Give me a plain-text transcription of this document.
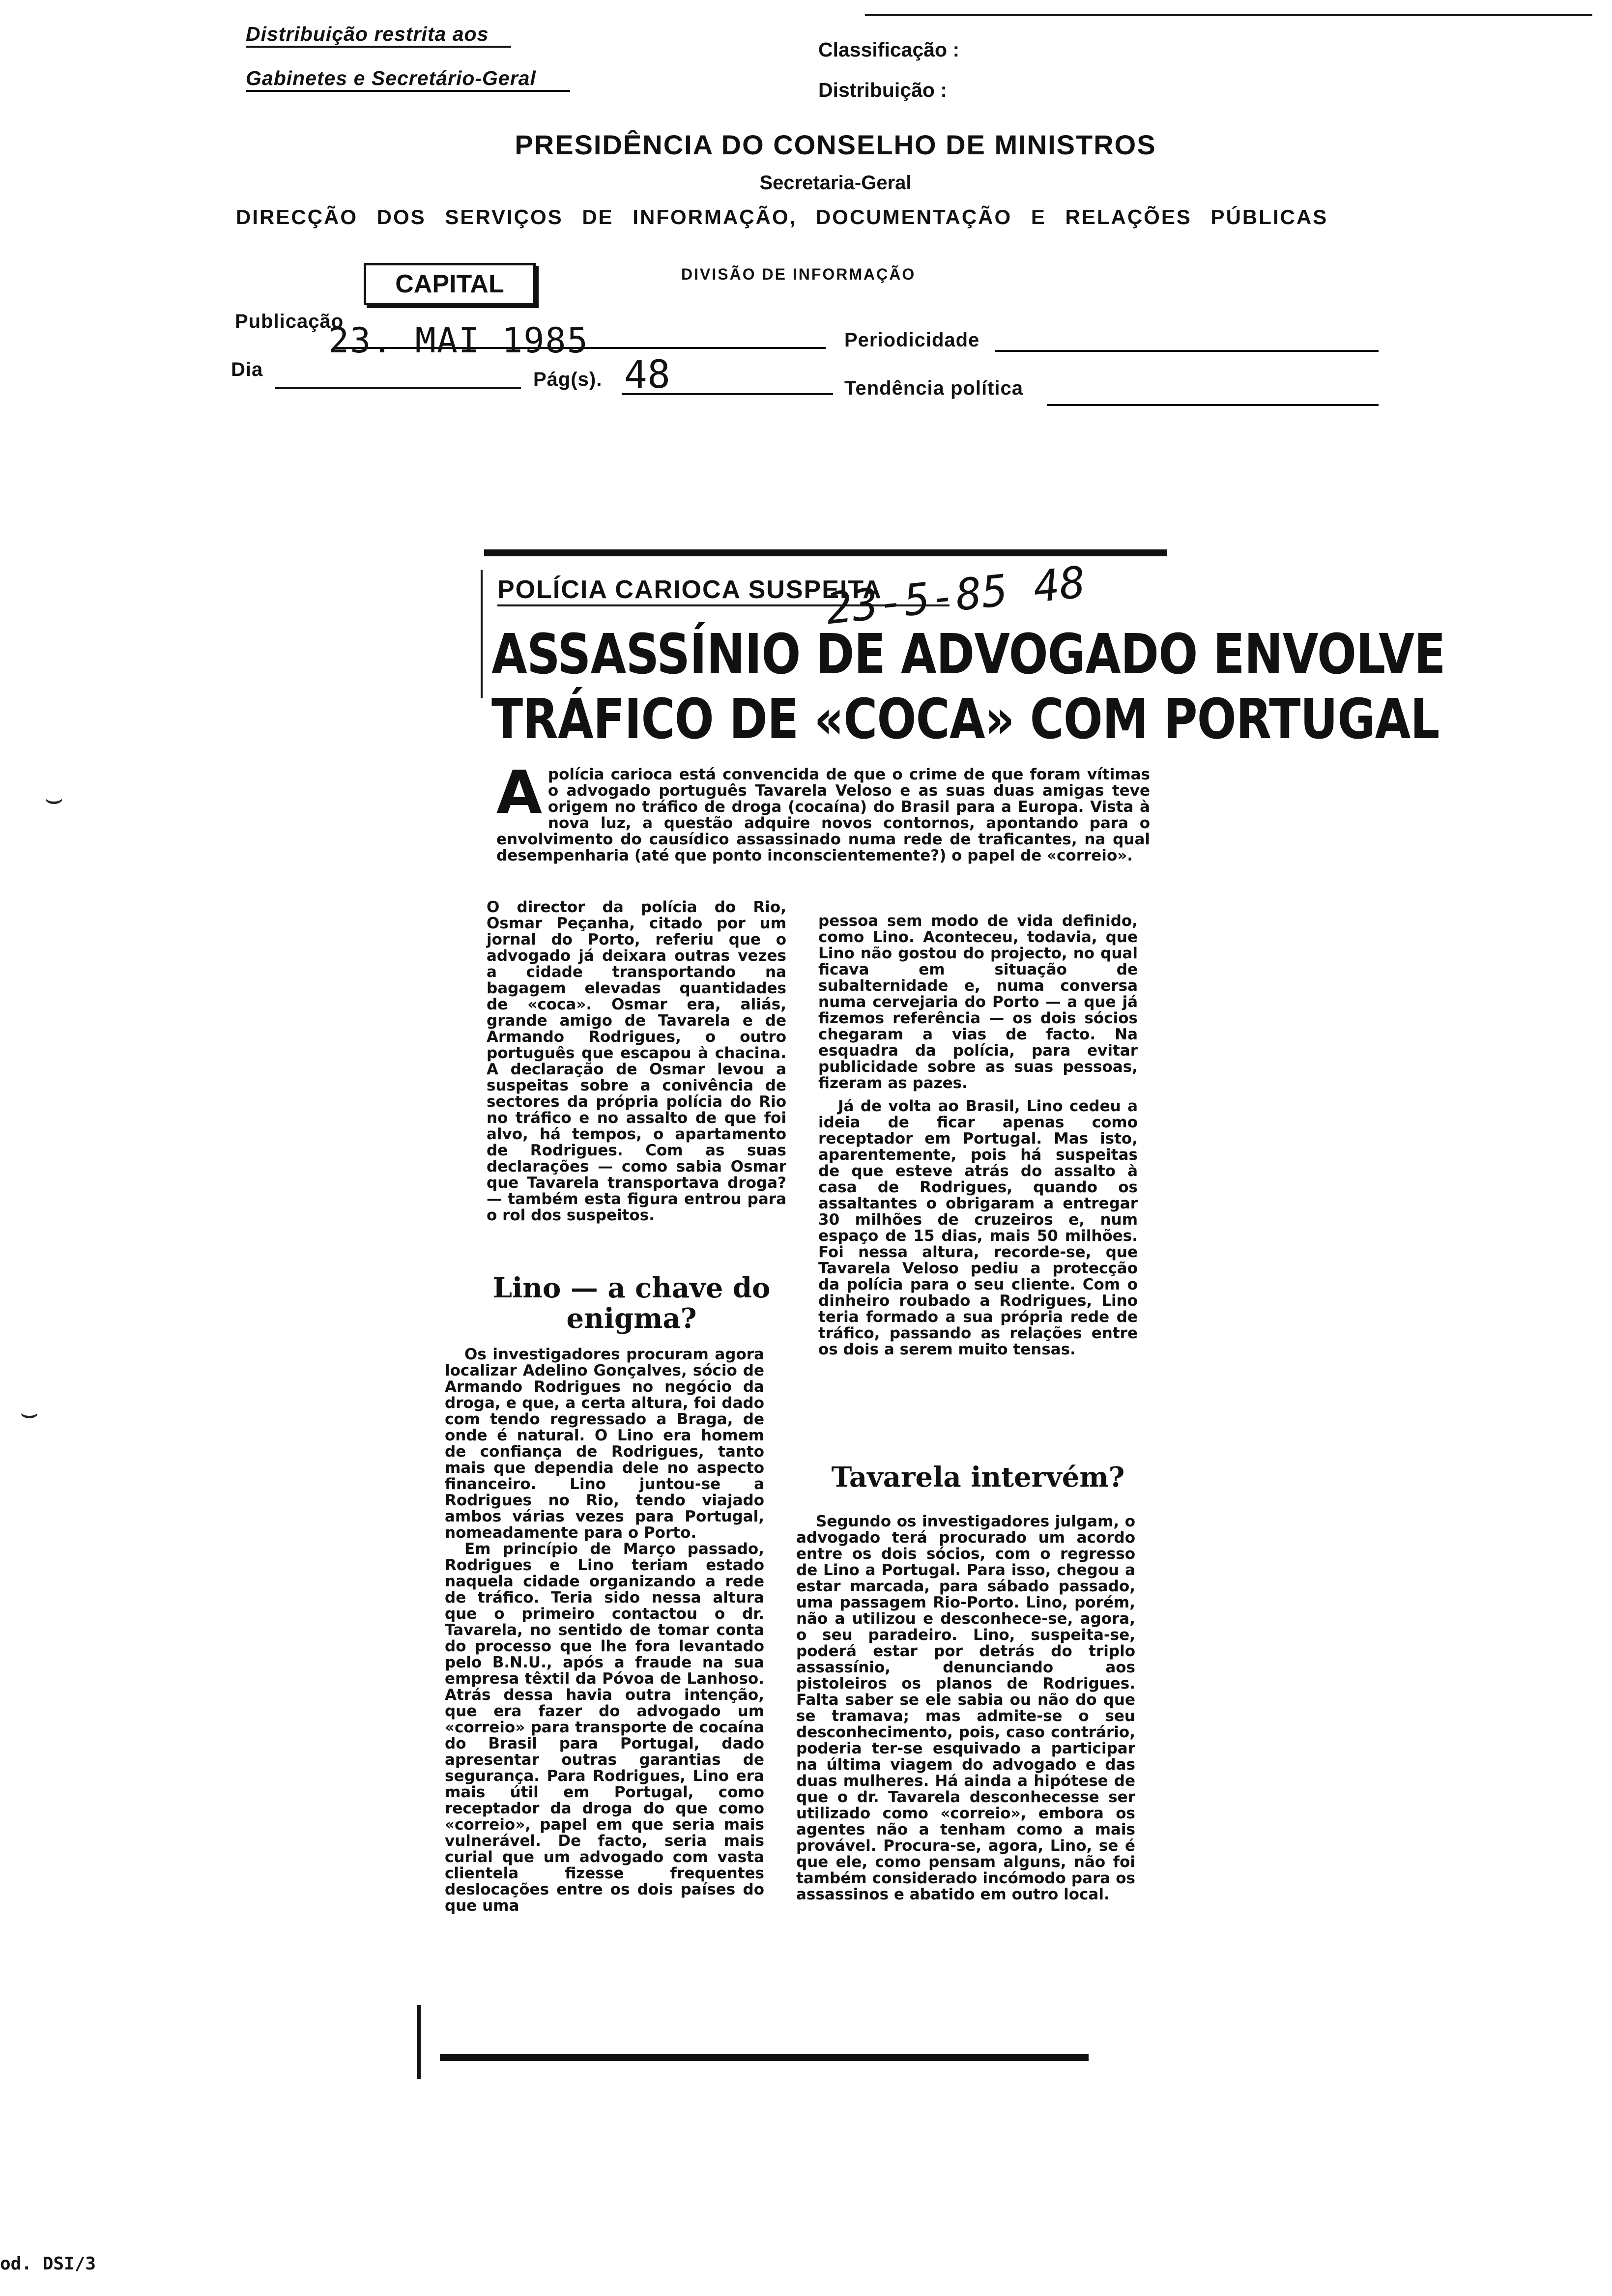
Distribuição restrita aos
Gabinetes e Secretário-Geral
Classificação :
Distribuição :
PRESIDÊNCIA DO CONSELHO DE MINISTROS
Secretaria-Geral
DIRECÇÃO DOS SERVIÇOS DE INFORMAÇÃO, DOCUMENTAÇÃO E RELAÇÕES PÚBLICAS
CAPITAL	DIVISÃO DE INFORMAÇÃO
Publicação
23. MAI 1985	Periodicidade
Dia	Pág(s). 48	Tendência política
POLÍCIA CARIOCA SUSPEITA
23-5-85 48
ASSASSÍNIO DE ADVOGADO ENVOLVE
TRÁFICO DE «COCA» COM PORTUGAL

Apolícia carioca está convencida de que o crime de que foram vítimas o advogado português Tavarela Veloso e as suas duas amigas teve origem no tráfico de droga (cocaína) do Brasil para a Europa. Vista à nova luz, a questão adquire novos contornos, apontando para o envolvimento do causídico assassinado numa rede de traficantes, na qual desempenharia (até que ponto inconscientemente?) o papel de «correio».

O director da polícia do Rio, Osmar Peçanha, citado por um jornal do Porto, referiu que o advogado já deixara outras vezes a cidade transportando na bagagem elevadas quantidades de «coca». Osmar era, aliás, grande amigo de Tavarela e de Armando Rodrigues, o outro português que escapou à chacina. A declaração de Osmar levou a suspeitas sobre a conivência de sectores da própria polícia do Rio no tráfico e no assalto de que foi alvo, há tempos, o apartamento de Rodrigues. Com as suas declarações — como sabia Osmar que Tavarela transportava droga? — também esta figura entrou para o rol dos suspeitos.

Lino — a chave do enigma?

Os investigadores procuram agora localizar Adelino Gonçalves, sócio de Armando Rodrigues no negócio da droga, e que, a certa altura, foi dado com tendo regressado a Braga, de onde é natural. O Lino era homem de confiança de Rodrigues, tanto mais que dependia dele no aspecto financeiro. Lino juntou-se a Rodrigues no Rio, tendo viajado ambos várias vezes para Portugal, nomeadamente para o Porto.

Em princípio de Março passado, Rodrigues e Lino teriam estado naquela cidade organizando a rede de tráfico. Teria sido nessa altura que o primeiro contactou o dr. Tavarela, no sentido de tomar conta do processo que lhe fora levantado pelo B.N.U., após a fraude na sua empresa têxtil da Póvoa de Lanhoso. Atrás dessa havia outra intenção, que era fazer do advogado um «correio» para transporte de cocaína do Brasil para Portugal, dado apresentar outras garantias de segurança. Para Rodrigues, Lino era mais útil em Portugal, como receptador da droga do que como «correio», papel em que seria mais vulnerável. De facto, seria mais curial que um advogado com vasta clientela fizesse frequentes deslocações entre os dois países do que uma

pessoa sem modo de vida definido, como Lino. Aconteceu, todavia, que Lino não gostou do projecto, no qual ficava em situação de subalternidade e, numa conversa numa cervejaria do Porto — a que já fizemos referência — os dois sócios chegaram a vias de facto. Na esquadra da polícia, para evitar publicidade sobre as suas pessoas, fizeram as pazes.

Já de volta ao Brasil, Lino cedeu a ideia de ficar apenas como receptador em Portugal. Mas isto, aparentemente, pois há suspeitas de que esteve atrás do assalto à casa de Rodrigues, quando os assaltantes o obrigaram a entregar 30 milhões de cruzeiros e, num espaço de 15 dias, mais 50 milhões. Foi nessa altura, recorde-se, que Tavarela Veloso pediu a protecção da polícia para o seu cliente. Com o dinheiro roubado a Rodrigues, Lino teria formado a sua própria rede de tráfico, passando as relações entre os dois a serem muito tensas.

Tavarela intervém?

Segundo os investigadores julgam, o advogado terá procurado um acordo entre os dois sócios, com o regresso de Lino a Portugal. Para isso, chegou a estar marcada, para sábado passado, uma passagem Rio-Porto. Lino, porém, não a utilizou e desconhece-se, agora, o seu paradeiro. Lino, suspeita-se, poderá estar por detrás do triplo assassínio, denunciando aos pistoleiros os planos de Rodrigues. Falta saber se ele sabia ou não do que se tramava; mas admite-se o seu desconhecimento, pois, caso contrário, poderia ter-se esquivado a participar na última viagem do advogado e das duas mulheres. Há ainda a hipótese de que o dr. Tavarela desconhecesse ser utilizado como «correio», embora os agentes não a tenham como a mais provável. Procura-se, agora, Lino, se é que ele, como pensam alguns, não foi também considerado incómodo para os assassinos e abatido em outro local.

⌣
⌣
od. DSI/3
